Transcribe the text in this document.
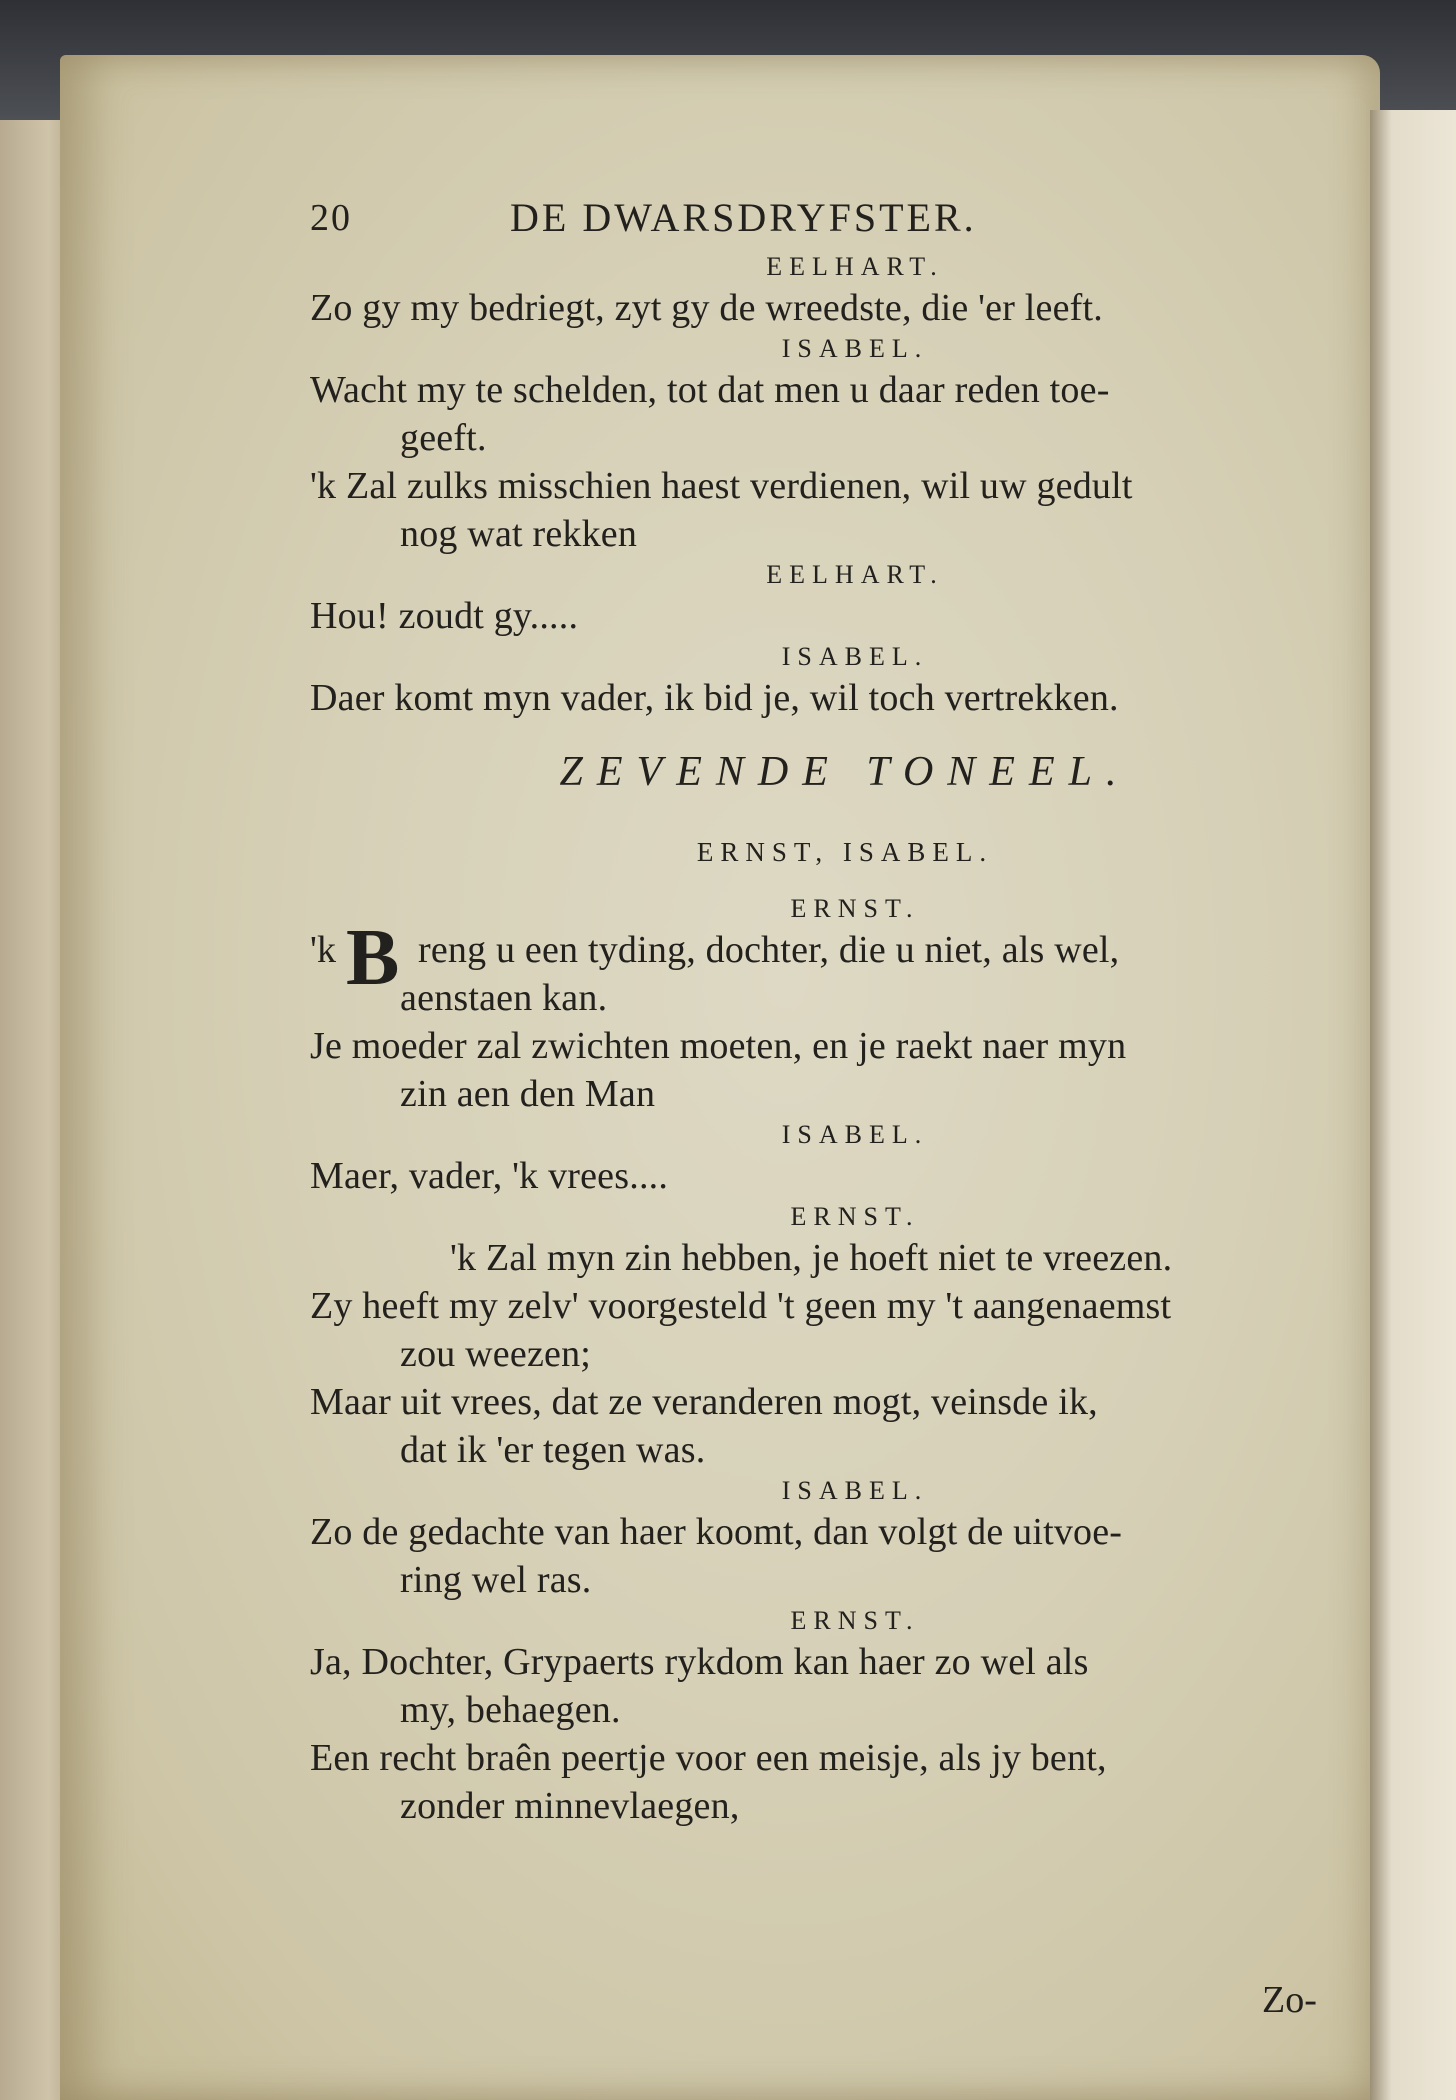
20	DE DWARSDRYFSTER.
EELHART.
Zo gy my bedriegt, zyt gy de wreedste, die 'er leeft.
ISABEL.
Wacht my te schelden, tot dat men u daar reden toe-
geeft.
'k Zal zulks misschien haest verdienen, wil uw gedult
nog wat rekken
EELHART.
Hou! zoudt gy.....
ISABEL.
Daer komt myn vader, ik bid je, wil toch vertrekken.
ZEVENDE TONEEL.
ERNST, ISABEL.
ERNST.
B
'k reng u een tyding, dochter, die u niet, als wel,
aenstaen kan.
Je moeder zal zwichten moeten, en je raekt naer myn
zin aen den Man
ISABEL.
Maer, vader, 'k vrees....
ERNST.
'k Zal myn zin hebben, je hoeft niet te vreezen.
Zy heeft my zelv' voorgesteld 't geen my 't aangenaemst
zou weezen;
Maar uit vrees, dat ze veranderen mogt, veinsde ik,
dat ik 'er tegen was.
ISABEL.
Zo de gedachte van haer koomt, dan volgt de uitvoe-
ring wel ras.
ERNST.
Ja, Dochter, Grypaerts rykdom kan haer zo wel als
my, behaegen.
Een recht braên peertje voor een meisje, als jy bent,
zonder minnevlaegen,
Zo-
